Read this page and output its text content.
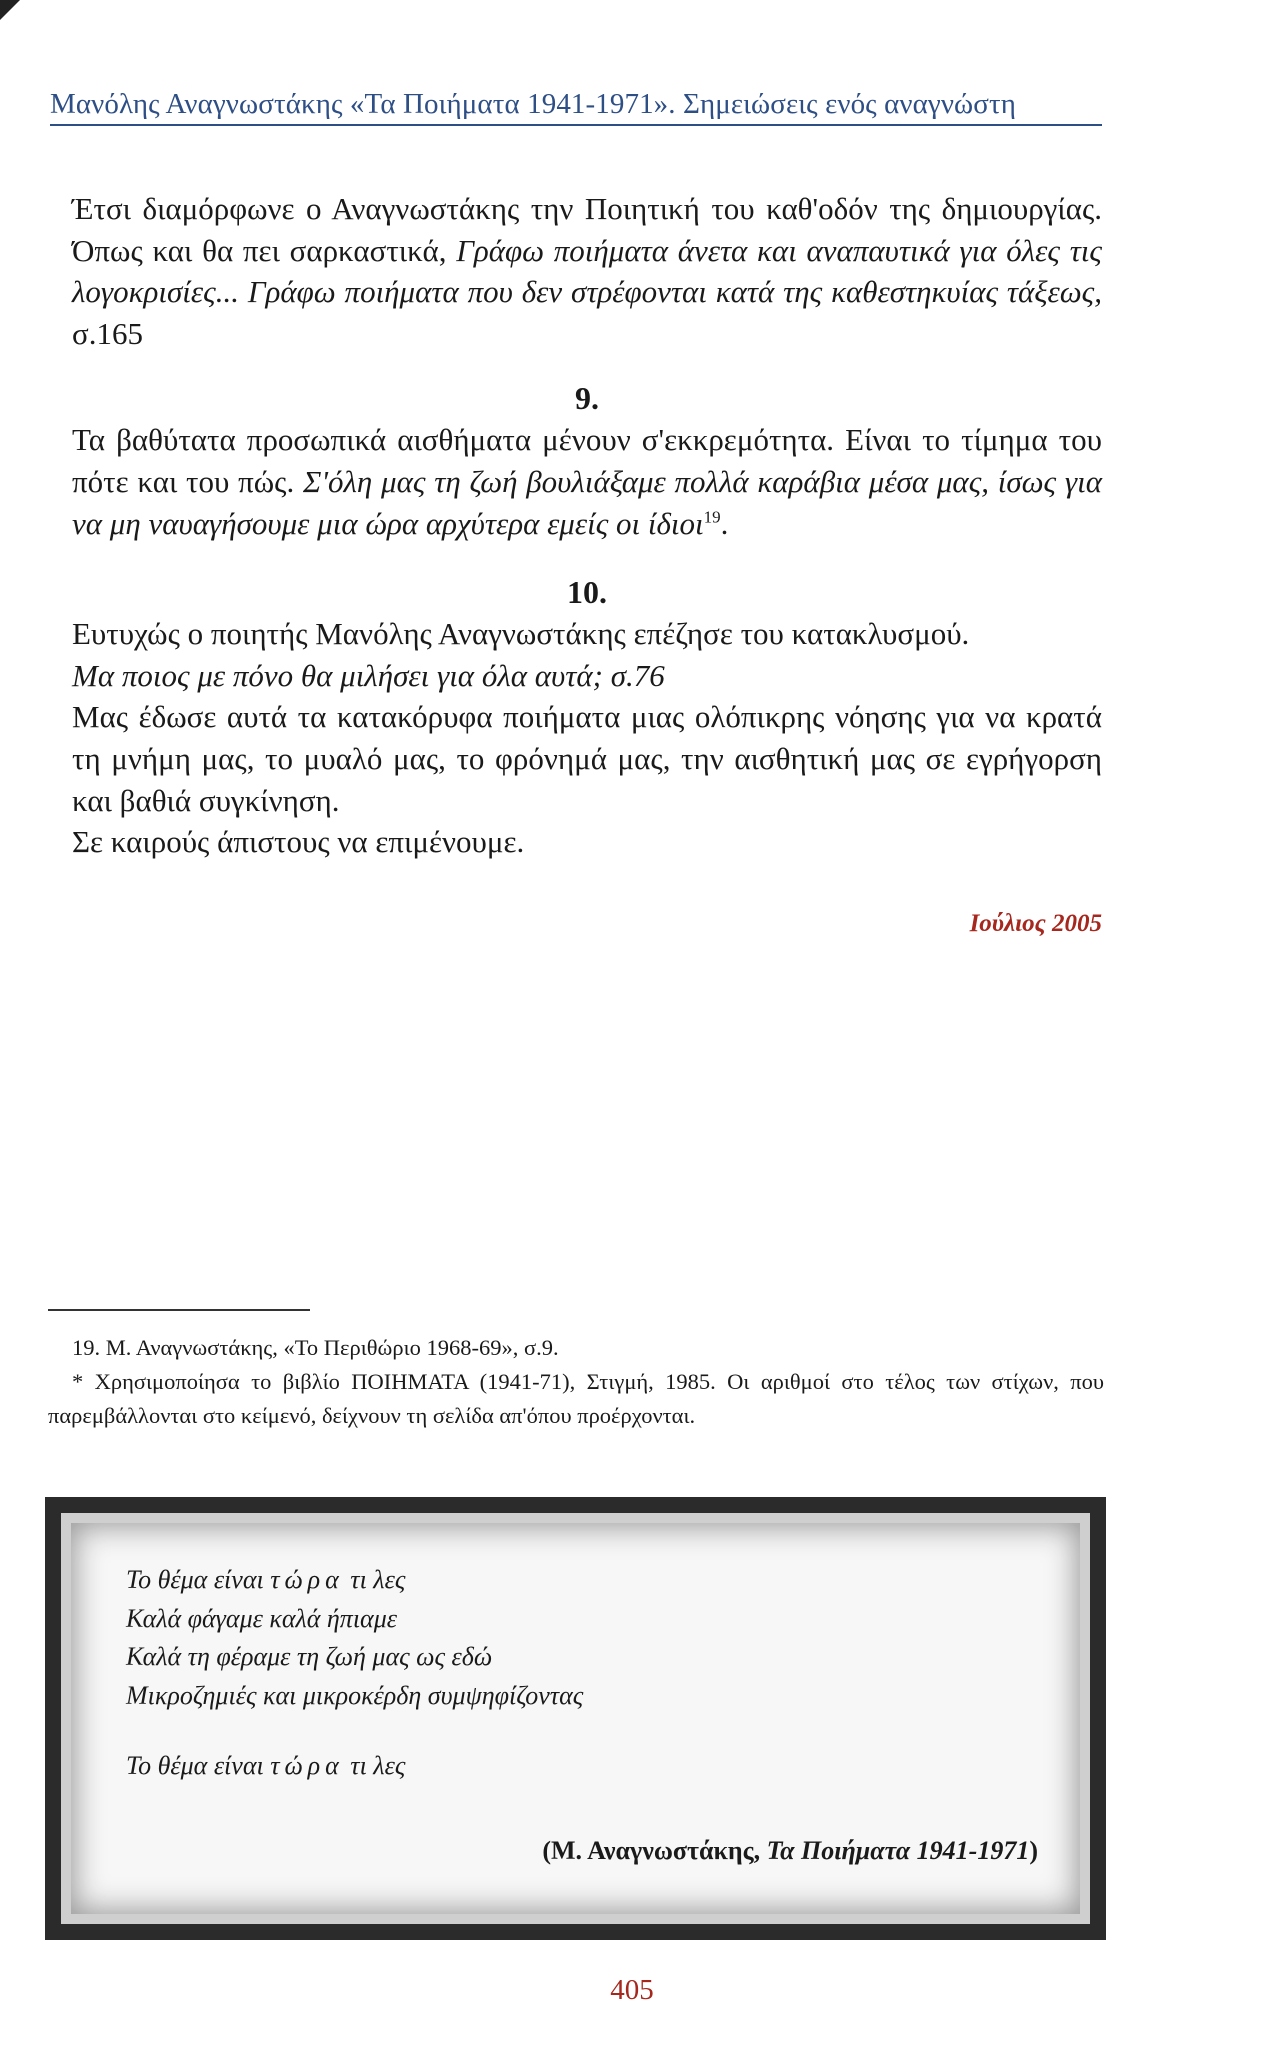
Μανόλης Αναγνωστάκης «Τα Ποιήματα 1941-1971». Σημειώσεις ενός αναγνώστη

Έτσι διαμόρφωνε ο Αναγνωστάκης την Ποιητική του καθ'οδόν της δημιουργίας. Όπως και θα πει σαρκαστικά, Γράφω ποιήματα άνετα και αναπαυτικά για όλες τις λογοκρισίες... Γράφω ποιήματα που δεν στρέφονται κατά της καθεστηκυίας τάξεως, σ.165

9.

Τα βαθύτατα προσωπικά αισθήματα μένουν σ'εκκρεμότητα. Είναι το τίμημα του πότε και του πώς. Σ'όλη μας τη ζωή βουλιάξαμε πολλά καράβια μέσα μας, ίσως για να μη ναυαγήσουμε μια ώρα αρχύτερα εμείς οι ίδιοι$^{19}$.

10.

Ευτυχώς ο ποιητής Μανόλης Αναγνωστάκης επέζησε του κατακλυσμού.

Μα ποιος με πόνο θα μιλήσει για όλα αυτά; σ.76

Μας έδωσε αυτά τα κατακόρυφα ποιήματα μιας ολόπικρης νόησης για να κρατά τη μνήμη μας, το μυαλό μας, το φρόνημά μας, την αισθητική μας σε εγρήγορση και βαθιά συγκίνηση.

Σε καιρούς άπιστους να επιμένουμε.

Ιούλιος 2005

19. Μ. Αναγνωστάκης, «Το Περιθώριο 1968-69», σ.9.

* Χρησιμοποίησα το βιβλίο ΠΟΙΗΜΑΤΑ (1941-71), Στιγμή, 1985. Οι αριθμοί στο τέλος των στίχων, που παρεμβάλλονται στο κείμενό, δείχνουν τη σελίδα απ'όπου προέρχονται.

Το θέμα είναι τώρα τι λες

Καλά φάγαμε καλά ήπιαμε

Καλά τη φέραμε τη ζωή μας ως εδώ

Μικροζημιές και μικροκέρδη συμψηφίζοντας

Το θέμα είναι τώρα τι λες

(Μ. Αναγνωστάκης, Τα Ποιήματα 1941-1971)
405
